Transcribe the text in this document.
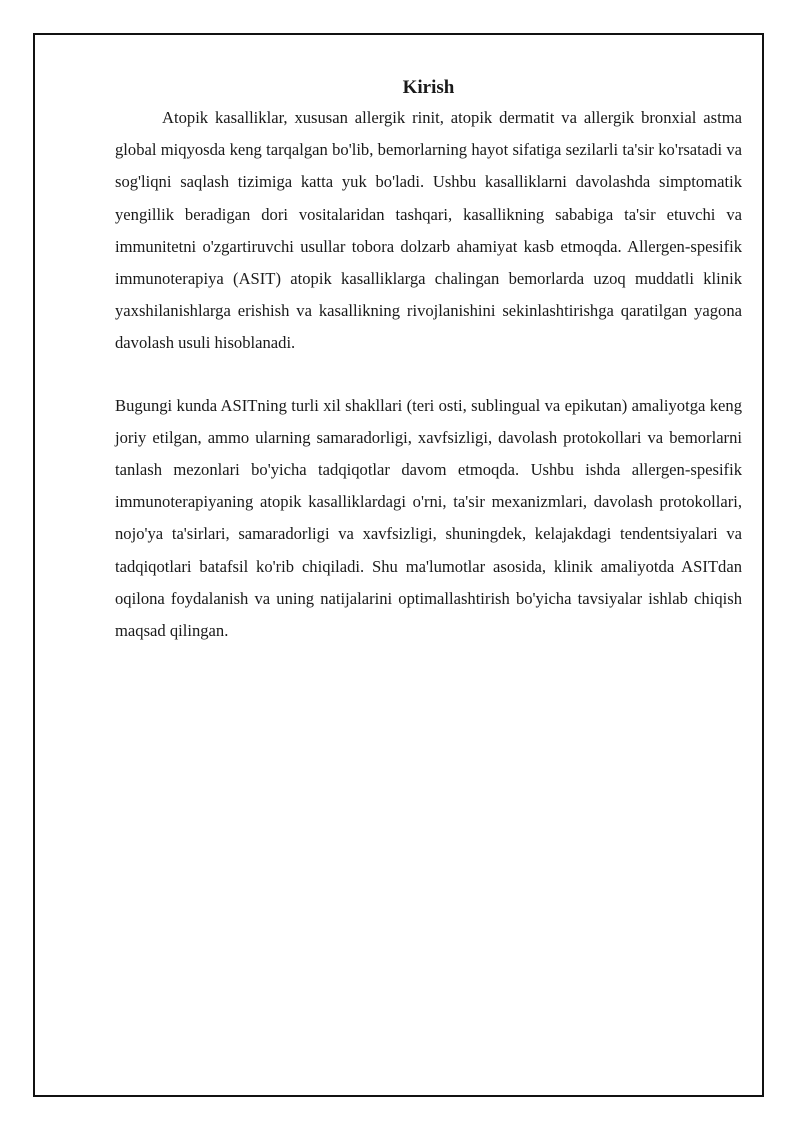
Kirish

Atopik kasalliklar, xususan allergik rinit, atopik dermatit va allergik bronxial astma global miqyosda keng tarqalgan bo'lib, bemorlarning hayot sifatiga sezilarli ta'sir ko'rsatadi va sog'liqni saqlash tizimiga katta yuk bo'ladi. Ushbu kasalliklarni davolashda simptomatik yengillik beradigan dori vositalaridan tashqari, kasallikning sababiga ta'sir etuvchi va immunitetni o'zgartiruvchi usullar tobora dolzarb ahamiyat kasb etmoqda. Allergen-spesifik immunoterapiya (ASIT) atopik kasalliklarga chalingan bemorlarda uzoq muddatli klinik yaxshilanishlarga erishish va kasallikning rivojlanishini sekinlashtirishga qaratilgan yagona davolash usuli hisoblanadi.

Bugungi kunda ASITning turli xil shakllari (teri osti, sublingual va epikutan) amaliyotga keng joriy etilgan, ammo ularning samaradorligi, xavfsizligi, davolash protokollari va bemorlarni tanlash mezonlari bo'yicha tadqiqotlar davom etmoqda. Ushbu ishda allergen-spesifik immunoterapiyaning atopik kasalliklardagi o'rni, ta'sir mexanizmlari, davolash protokollari, nojo'ya ta'sirlari, samaradorligi va xavfsizligi, shuningdek, kelajakdagi tendentsiyalari va tadqiqotlari batafsil ko'rib chiqiladi. Shu ma'lumotlar asosida, klinik amaliyotda ASITdan oqilona foydalanish va uning natijalarini optimallashtirish bo'yicha tavsiyalar ishlab chiqish maqsad qilingan.
